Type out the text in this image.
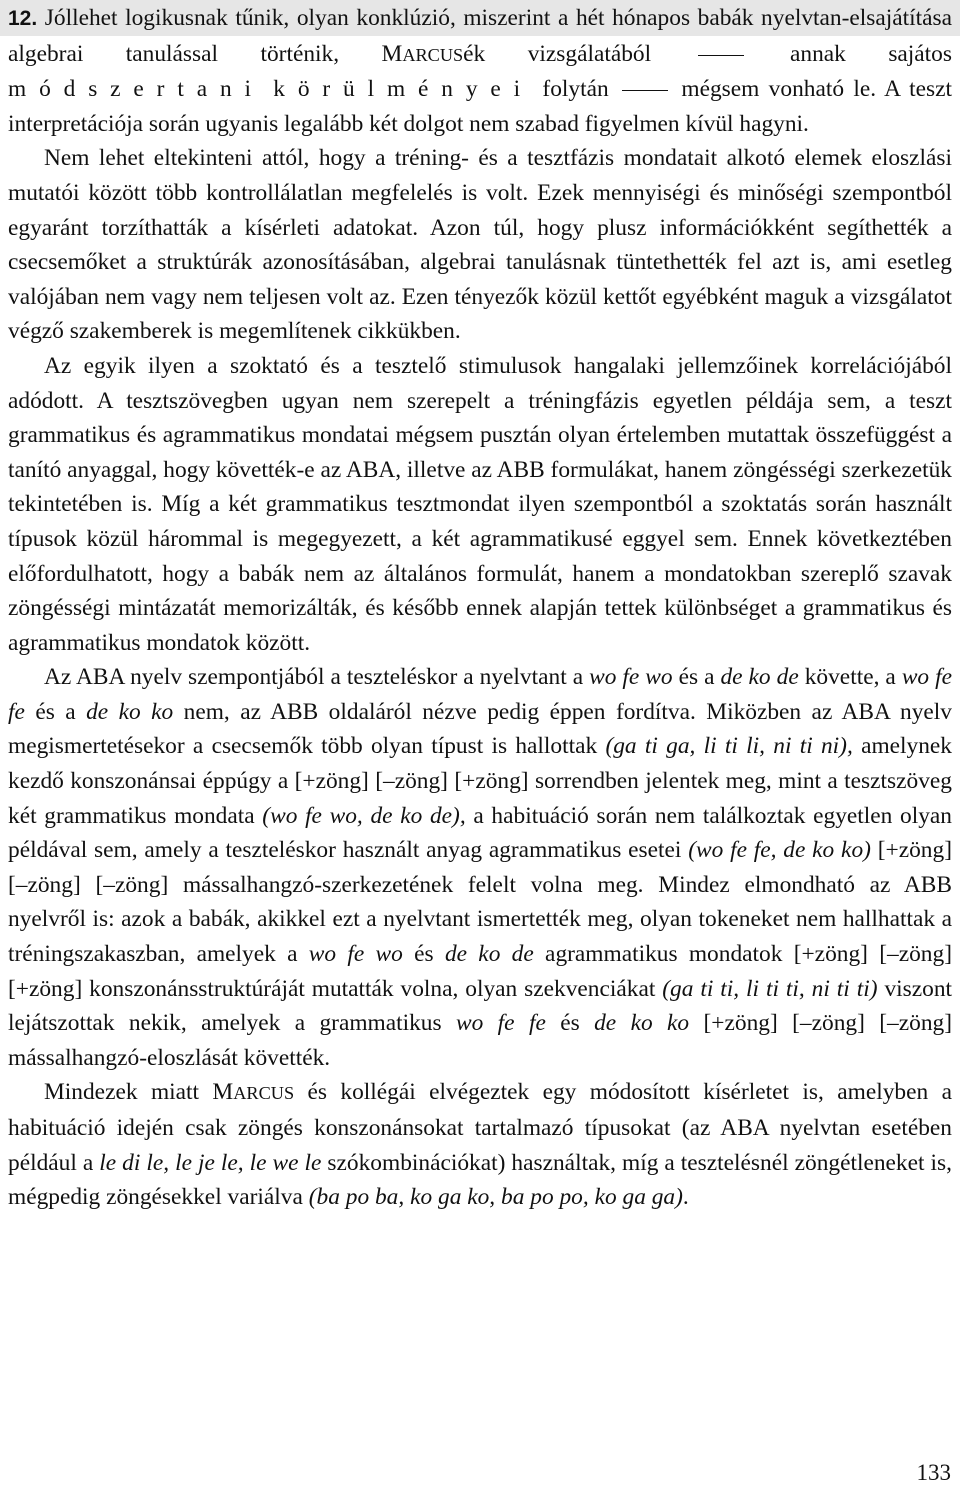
12. Jóllehet logikusnak tűnik, olyan konklúzió, miszerint a hét hónapos babák nyelvtan-elsajátítása algebrai tanulással történik, MARCUSék vizsgálatából  annak sajátos módszertani körülményei folytán  mégsem vonható le. A teszt interpretációja során ugyanis legalább két dolgot nem szabad figyelmen kívül hagyni.

Nem lehet eltekinteni attól, hogy a tréning- és a tesztfázis mondatait alkotó elemek eloszlási mutatói között több kontrollálatlan megfelelés is volt. Ezek mennyiségi és minőségi szempontból egyaránt torzíthatták a kísérleti adatokat. Azon túl, hogy plusz információkként segíthették a csecsemőket a struktúrák azonosításában, algebrai tanulásnak tüntethették fel azt is, ami esetleg valójában nem vagy nem teljesen volt az. Ezen tényezők közül kettőt egyébként maguk a vizsgálatot végző szakemberek is megemlítenek cikkükben.

Az egyik ilyen a szoktató és a tesztelő stimulusok hangalaki jellemzőinek korrelációjából adódott. A tesztszövegben ugyan nem szerepelt a tréningfázis egyetlen példája sem, a teszt grammatikus és agrammatikus mondatai mégsem pusztán olyan értelemben mutattak összefüggést a tanító anyaggal, hogy követték-e az ABA, illetve az ABB formulákat, hanem zöngésségi szerkezetük tekintetében is. Míg a két grammatikus tesztmondat ilyen szempontból a szoktatás során használt típusok közül hárommal is megegyezett, a két agrammatikusé eggyel sem. Ennek következtében előfordulhatott, hogy a babák nem az általános formulát, hanem a mondatokban szereplő szavak zöngésségi mintázatát memorizálták, és később ennek alapján tettek különbséget a grammatikus és agrammatikus mondatok között.

Az ABA nyelv szempontjából a teszteléskor a nyelvtant a wo fe wo és a de ko de követte, a wo fe fe és a de ko ko nem, az ABB oldaláról nézve pedig éppen fordítva. Miközben az ABA nyelv megismertetésekor a csecsemők több olyan típust is hallottak (ga ti ga, li ti li, ni ti ni), amelynek kezdő konszonánsai éppúgy a [+zöng] [–zöng] [+zöng] sorrendben jelentek meg, mint a tesztszöveg két grammatikus mondata (wo fe wo, de ko de), a habituáció során nem találkoztak egyetlen olyan példával sem, amely a teszteléskor használt anyag agrammatikus esetei (wo fe fe, de ko ko) [+zöng] [–zöng] [–zöng] mássalhangzó-szerkezetének felelt volna meg. Mindez elmondható az ABB nyelvről is: azok a babák, akikkel ezt a nyelvtant ismertették meg, olyan tokeneket nem hallhattak a tréningszakaszban, amelyek a wo fe wo és de ko de agrammatikus mondatok [+zöng] [–zöng] [+zöng] konszonánsstruktúráját mutatták volna, olyan szekvenciákat (ga ti ti, li ti ti, ni ti ti) viszont lejátszottak nekik, amelyek a grammatikus wo fe fe és de ko ko [+zöng] [–zöng] [–zöng] mássalhangzó-eloszlását követték.

Mindezek miatt MARCUS és kollégái elvégeztek egy módosított kísérletet is, amelyben a habituáció idején csak zöngés konszonánsokat tartalmazó típusokat (az ABA nyelvtan esetében például a le di le, le je le, le we le szókombinációkat) használtak, míg a tesztelésnél zöngétleneket is, mégpedig zöngésekkel variálva (ba po ba, ko ga ko, ba po po, ko ga ga).

133
